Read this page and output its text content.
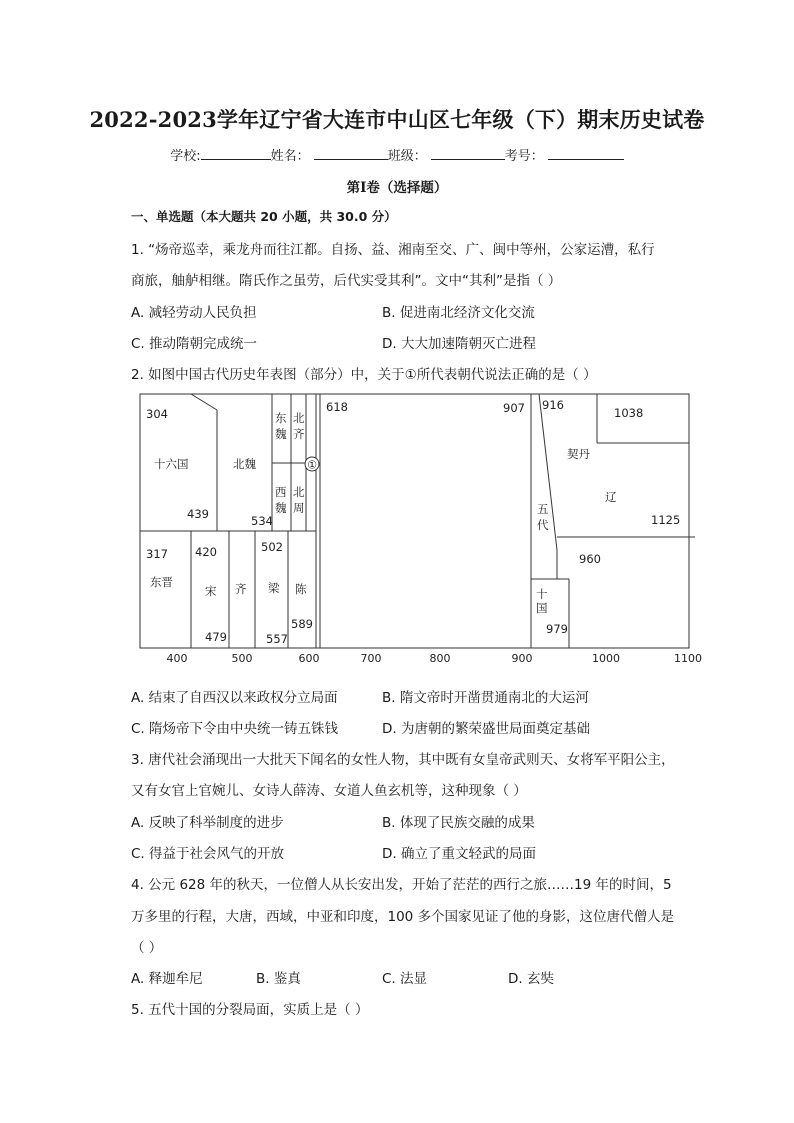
2022-2023学年辽宁省大连市中山区七年级（下）期末历史试卷
学校:	姓名：	班级：	考号：
第I卷（选择题）
一、单选题（本大题共 20 小题，共 30.0 分）
1. “炀帝巡幸，乘龙舟而往江都。自扬、益、湘南至交、广、闽中等州，公家运漕，私行
商旅，舳舻相继。隋氏作之虽劳，后代实受其利”。文中“其利”是指（ ）
A. 减轻劳动人民负担	B. 促进南北经济文化交流
C. 推动隋朝完成统一	D. 大大加速隋朝灭亡进程
2. 如图中国古代历史年表图（部分）中，关于①所代表朝代说法正确的是（ ）
①
304
十六国
439
北魏
534
东
魏
北
齐
西
魏
北
周
317
东晋
420
宋
479
齐
502
梁
557
陈
589
618	907 916
1038
契丹
辽
1125
五
代
960
十
国
979
400	500	600	700	800	900	1000	1100
A. 结束了自西汉以来政权分立局面	B. 隋文帝时开凿贯通南北的大运河
C. 隋炀帝下令由中央统一铸五铢钱	D. 为唐朝的繁荣盛世局面奠定基础
3. 唐代社会涌现出一大批天下闻名的女性人物，其中既有女皇帝武则天、女将军平阳公主，
又有女官上官婉儿、女诗人薛涛、女道人鱼玄机等，这种现象（ ）
A. 反映了科举制度的进步	B. 体现了民族交融的成果
C. 得益于社会风气的开放	D. 确立了重文轻武的局面
4. 公元 628 年的秋天，一位僧人从长安出发，开始了茫茫的西行之旅……19 年的时间，5
万多里的行程，大唐，西域，中亚和印度，100 多个国家见证了他的身影，这位唐代僧人是
（ ）
A. 释迦牟尼	B. 鉴真	C. 法显	D. 玄奘
5. 五代十国的分裂局面，实质上是（ ）
